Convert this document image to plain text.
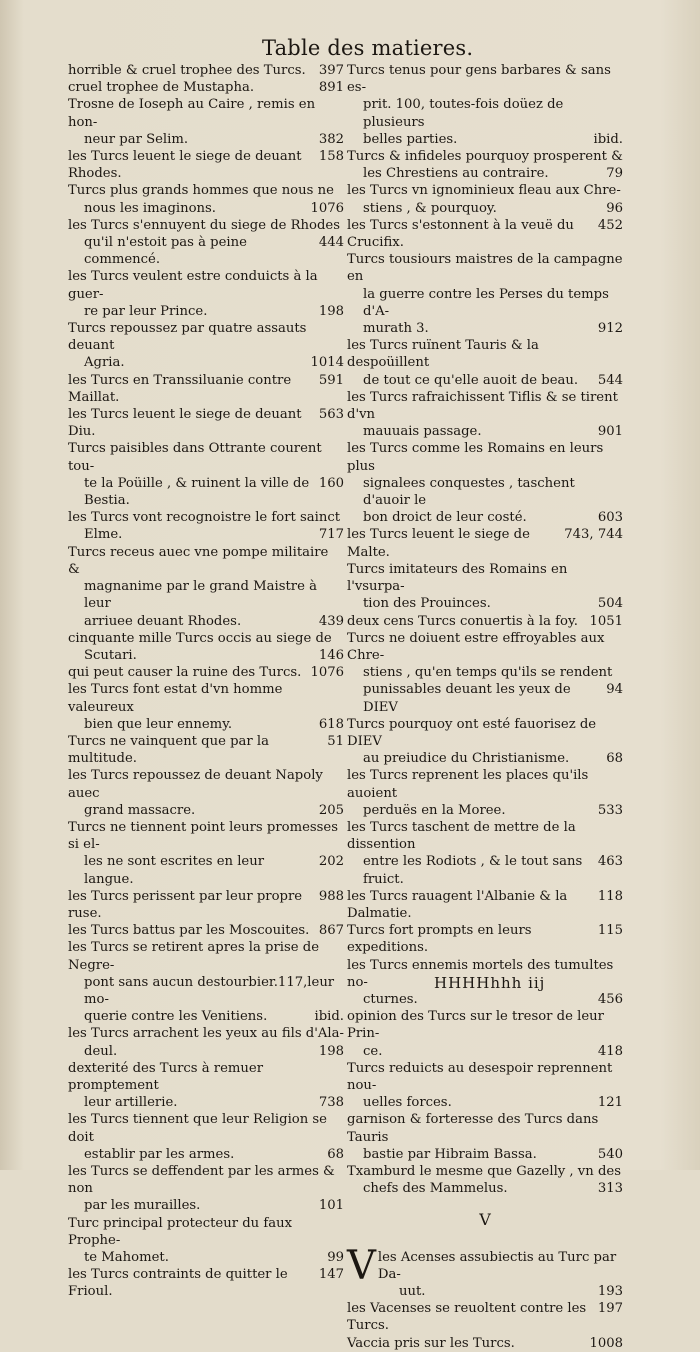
Table des matieres.
397
horrible & cruel trophee des Turcs.
891
cruel trophee de Mustapha.
Trosne de Ioseph au Caire , remis en hon-
382
neur par Selim.
158
les Turcs leuent le siege de deuant Rhodes.
Turcs plus grands hommes que nous ne
1076
nous les imaginons.
les Turcs s'ennuyent du siege de Rhodes
444
qu'il n'estoit pas à peine commencé.
les Turcs veulent estre conduicts à la guer-
198
re par leur Prince.
Turcs repoussez par quatre assauts deuant
1014
Agria.
591
les Turcs en Transsiluanie contre Maillat.
563
les Turcs leuent le siege de deuant Diu.
Turcs paisibles dans Ottrante courent tou-
160
te la Poüille , & ruinent la ville de Bestia.
les Turcs vont recognoistre le fort sainct
717
Elme.
Turcs receus auec vne pompe militaire &
magnanime par le grand Maistre à leur
439
arriuee deuant Rhodes.
cinquante mille Turcs occis au siege de
146
Scutari.
1076
qui peut causer la ruine des Turcs.
les Turcs font estat d'vn homme valeureux
618
bien que leur ennemy.
51
Turcs ne vainquent que par la multitude.
les Turcs repoussez de deuant Napoly auec
205
grand massacre.
Turcs ne tiennent point leurs promesses si el-
202
les ne sont escrites en leur langue.
988
les Turcs perissent par leur propre ruse.
867
les Turcs battus par les Moscouites.
les Turcs se retirent apres la prise de Negre-
pont sans aucun destourbier.117,leur mo-
ibid.
querie contre les Venitiens.
les Turcs arrachent les yeux au fils d'Ala-
198
deul.
dexterité des Turcs à remuer promptement
738
leur artillerie.
les Turcs tiennent que leur Religion se doit
68
establir par les armes.
les Turcs se deffendent par les armes & non
101
par les murailles.
Turc principal protecteur du faux Prophe-
99
te Mahomet.
147
les Turcs contraints de quitter le Frioul.
Turcs tenus pour gens barbares & sans es-
prit. 100, toutes-fois doüez de plusieurs
ibid.
belles parties.
Turcs & infideles pourquoy prosperent &
79
les Chrestiens au contraire.
les Turcs vn ignominieux fleau aux Chre-
96
stiens , & pourquoy.
452
les Turcs s'estonnent à la veuë du Crucifix.
Turcs tousiours maistres de la campagne en
la guerre contre les Perses du temps d'A-
912
murath 3.
les Turcs ruïnent Tauris & la despoüillent
544
de tout ce qu'elle auoit de beau.
les Turcs rafraichissent Tiflis & se tirent d'vn
901
mauuais passage.
les Turcs comme les Romains en leurs plus
signalees conquestes , taschent d'auoir le
603
bon droict de leur costé.
743, 744
les Turcs leuent le siege de Malte.
Turcs imitateurs des Romains en l'vsurpa-
504
tion des Prouinces.
1051
deux cens Turcs conuertis à la foy.
Turcs ne doiuent estre effroyables aux Chre-
stiens , qu'en temps qu'ils se rendent
94
punissables deuant les yeux de DIEV
Turcs pourquoy ont esté fauorisez de DIEV
68
au preiudice du Christianisme.
les Turcs reprenent les places qu'ils auoient
533
perduës en la Moree.
les Turcs taschent de mettre de la dissention
463
entre les Rodiots , & le tout sans fruict.
118
les Turcs rauagent l'Albanie & la Dalmatie.
115
Turcs fort prompts en leurs expeditions.
les Turcs ennemis mortels des tumultes no-
456
cturnes.
opinion des Turcs sur le tresor de leur Prin-
418
ce.
Turcs reduicts au desespoir reprennent nou-
121
uelles forces.
garnison & forteresse des Turcs dans Tauris
540
bastie par Hibraim Bassa.
Txamburd le mesme que Gazelly , vn des
313
chefs des Mammelus.
V
les
V Acenses assubiectis au Turc par Da-
193
uut.
197
les Vacenses se reuoltent contre les Turcs.
1008
Vaccia pris sur les Turcs.
HHHHhhh iij
